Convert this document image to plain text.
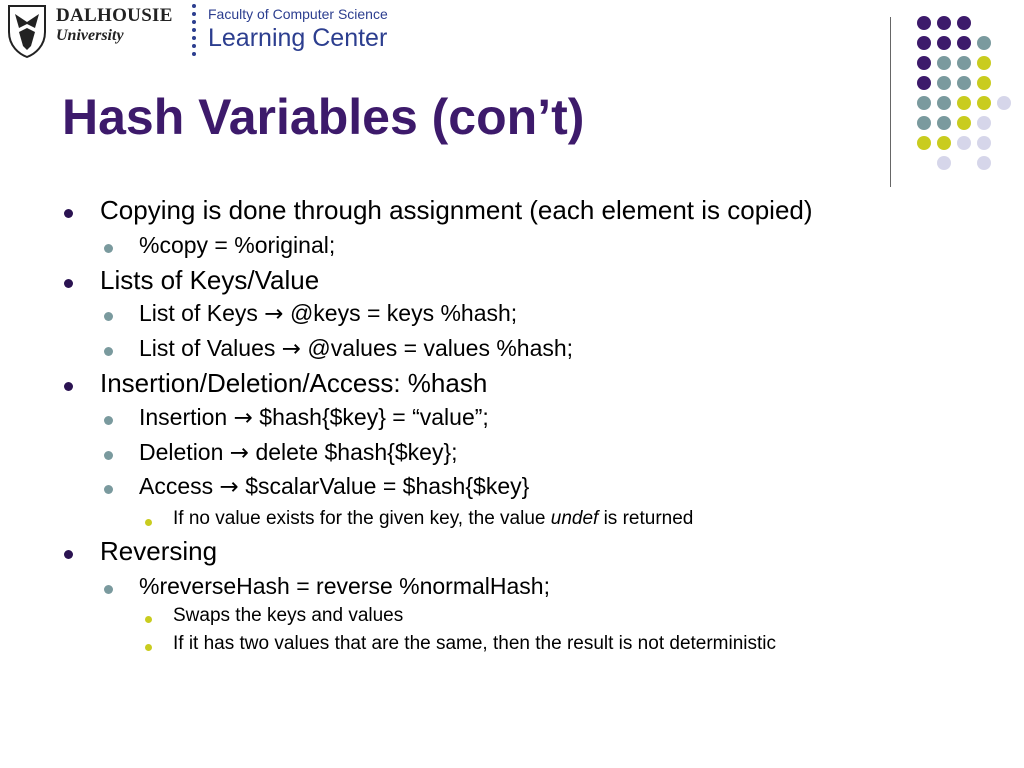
DALHOUSIE
University
Faculty of Computer Science
Learning Center
Hash Variables (con’t)
Copying is done through assignment (each element is copied)
%copy = %original;
Lists of Keys/Value
List of Keys → @keys = keys %hash;
List of Values → @values = values %hash;
Insertion/Deletion/Access: %hash
Insertion → $hash{$key} = “value”;
Deletion → delete $hash{$key};
Access → $scalarValue = $hash{$key}
If no value exists for the given key, the value undef is returned
Reversing
%reverseHash = reverse %normalHash;
Swaps the keys and values
If it has two values that are the same, then the result is not deterministic
